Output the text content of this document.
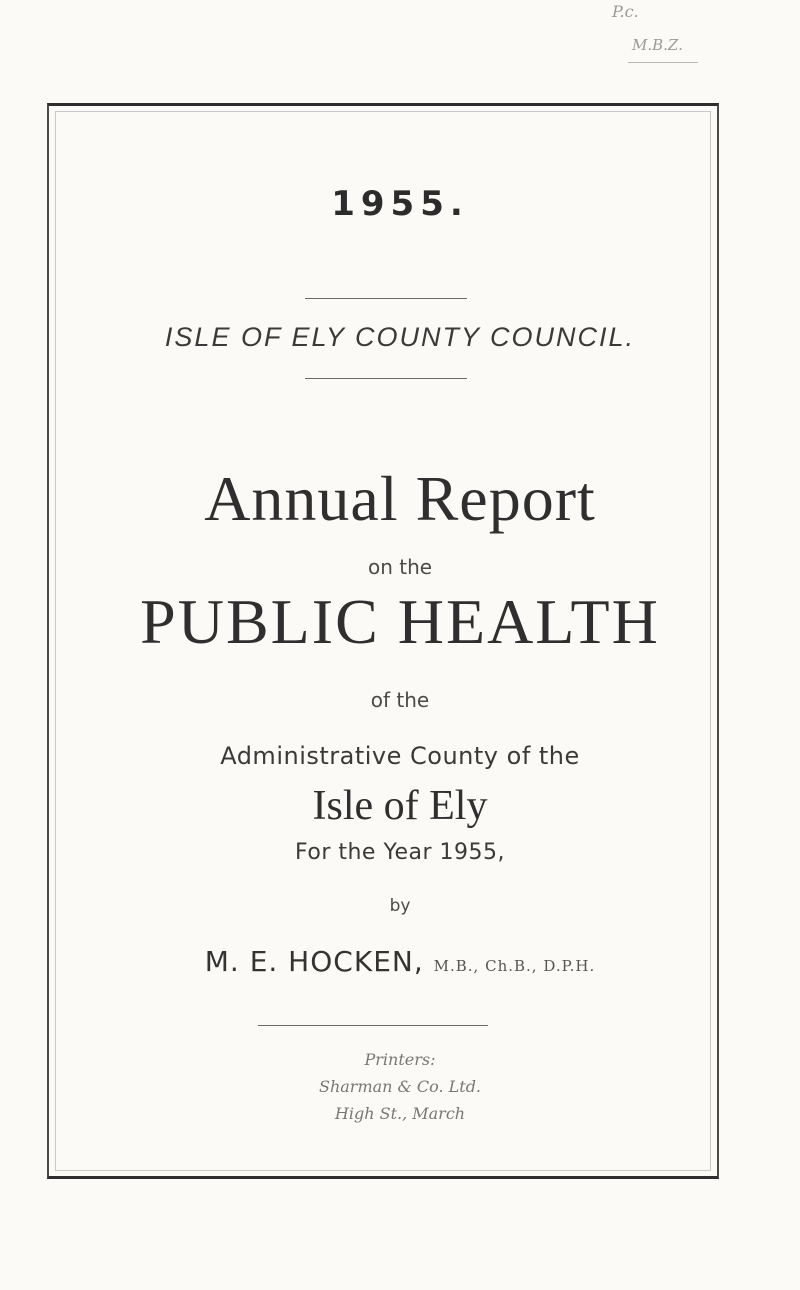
P.c.
M.B.Z.
1955.
ISLE OF ELY COUNTY COUNCIL.
Annual Report
on the
PUBLIC HEALTH
of the
Administrative County of the
Isle of Ely
For the Year 1955,
by
M. E. HOCKEN, M.B., Ch.B., D.P.H.
Printers:
Sharman & Co. Ltd.
High St., March
